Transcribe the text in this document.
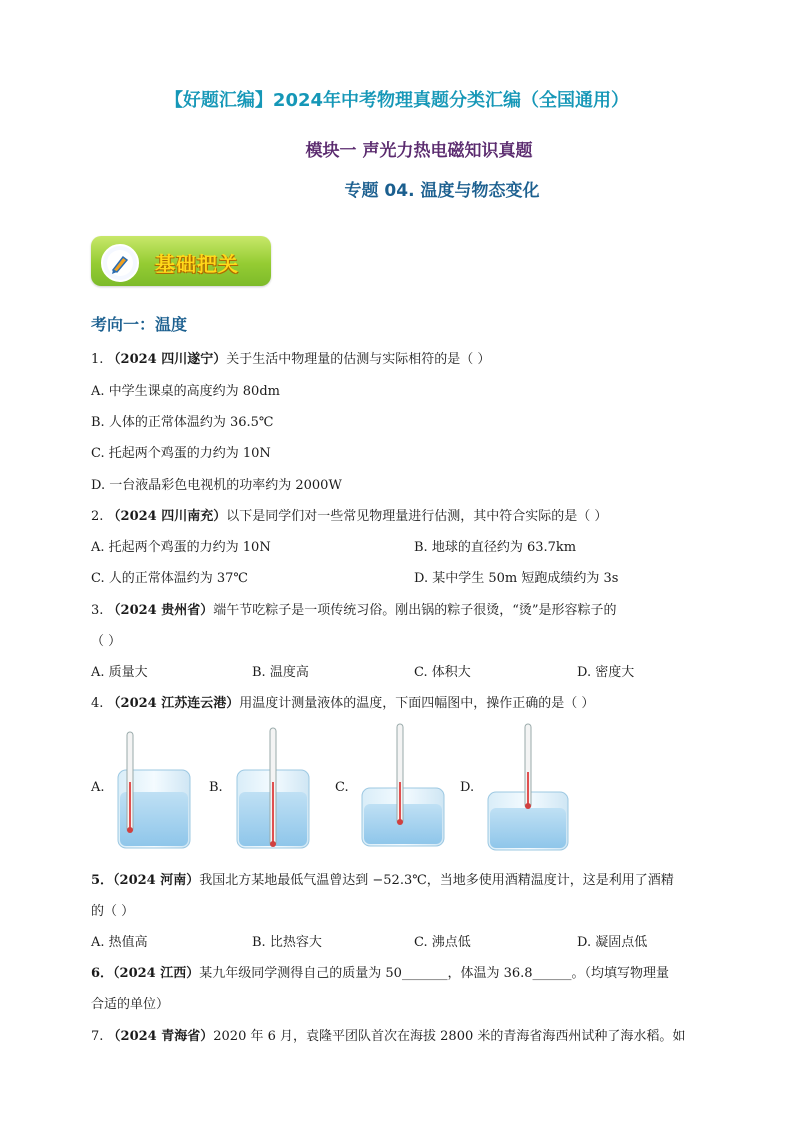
【好题汇编】2024年中考物理真题分类汇编（全国通用）
模块一 声光力热电磁知识真题
专题 04. 温度与物态变化
基础把关
考向一：温度
1. （2024 四川遂宁）关于生活中物理量的估测与实际相符的是（ ）
A. 中学生课桌的高度约为 80dm
B. 人体的正常体温约为 36.5℃
C. 托起两个鸡蛋的力约为 10N
D. 一台液晶彩色电视机的功率约为 2000W
2. （2024 四川南充）以下是同学们对一些常见物理量进行估测，其中符合实际的是（ ）
A. 托起两个鸡蛋的力约为 10N	B. 地球的直径约为 63.7km
C. 人的正常体温约为 37℃	D. 某中学生 50m 短跑成绩约为 3s
3. （2024 贵州省）端午节吃粽子是一项传统习俗。刚出锅的粽子很烫，“烫”是形容粽子的
（ ）
A. 质量大	B. 温度高	C. 体积大	D. 密度大
4. （2024 江苏连云港）用温度计测量液体的温度，下面四幅图中，操作正确的是（ ）
A.	B.	C.	D.
5．（2024 河南）我国北方某地最低气温曾达到 −52.3℃，当地多使用酒精温度计，这是利用了酒精
的（ ）
A. 热值高	B. 比热容大	C. 沸点低	D. 凝固点低
6．（2024 江西）某九年级同学测得自己的质量为 50_______，体温为 36.8______。（均填写物理量
合适的单位）
7. （2024 青海省）2020 年 6 月，袁隆平团队首次在海拔 2800 米的青海省海西州试种了海水稻。如
